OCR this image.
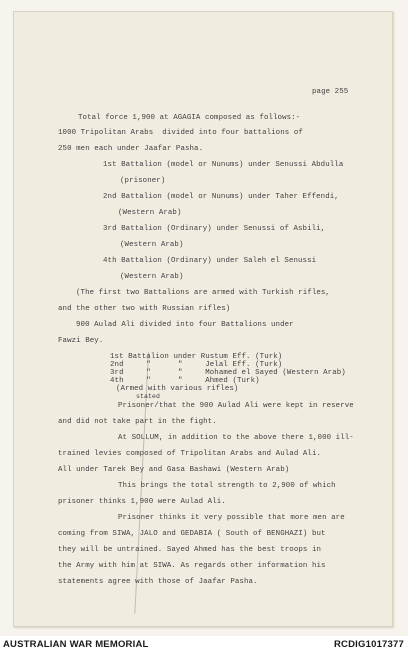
page 255
Total force 1,900 at AGAGIA composed as follows:-
1000 Tripolitan Arabs  divided into four battalions of
250 men each under Jaafar Pasha.
1st Battalion (model or Nunums) under Senussi Abdulla
(prisoner)
2nd Battalion (model or Nunums) under Taher Effendi,
(Western Arab)
3rd Battalion (Ordinary) under Senussi of Asbili,
(Western Arab)
4th Battalion (Ordinary) under Saleh el Senussi
(Western Arab)
(The first two Battalions are armed with Turkish rifles,
and the other two with Russian rifles)
900 Aulad Ali divided into four Battalions under
Fawzi Bey.
1st Battalion under Rustum Eff. (Turk)
2nd     "      "     Jelal Eff. (Turk)
3rd     "      "     Mohamed el Sayed (Western Arab)
4th     "      "     Ahmed (Turk)
(Armed with various rifles)
stated
Prisoner/that the 900 Aulad Ali were kept in reserve
and did not take part in the fight.
At SOLLUM, in addition to the above there 1,000 ill-
trained levies composed of Tripolitan Arabs and Aulad Ali.
All under Tarek Bey and Gasa Bashawi (Western Arab)
This brings the total strength to 2,900 of which
prisoner thinks 1,900 were Aulad Ali.
Prisoner thinks it very possible that more men are
coming from SIWA, JALO and GEDABIA ( South of BENGHAZI) but
they will be untrained. Sayed Ahmed has the best troops in
the Army with him at SIWA. As regards other information his
statements agree with those of Jaafar Pasha.
AUSTRALIAN WAR MEMORIAL	RCDIG1017377
